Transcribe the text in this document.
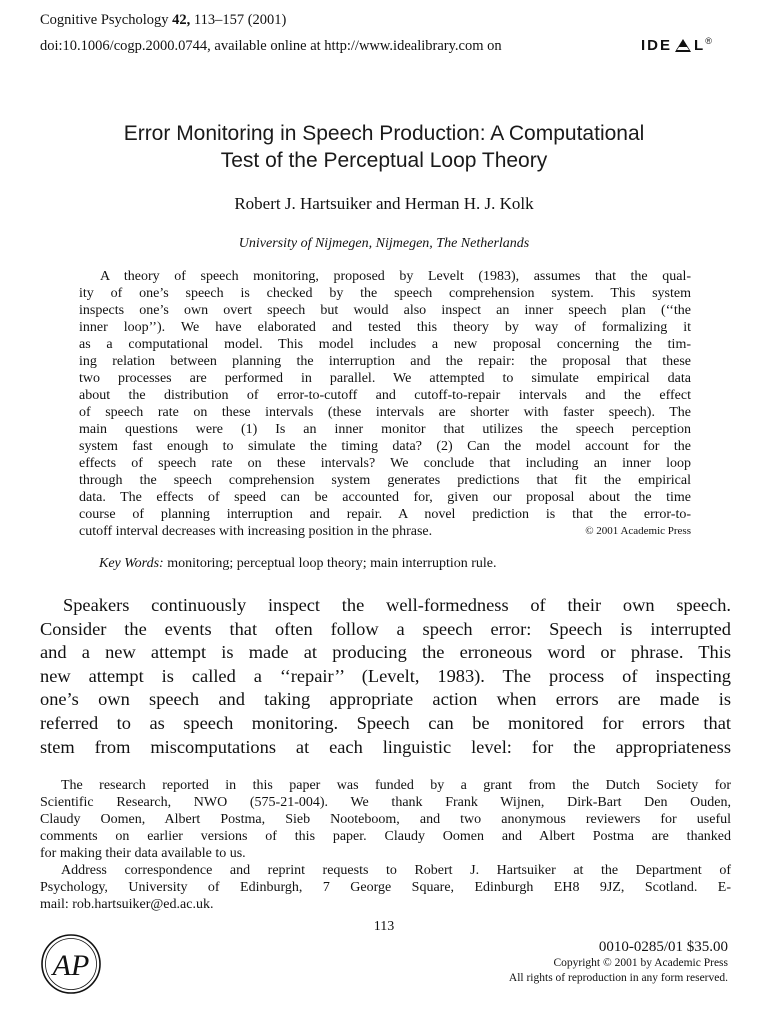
Cognitive Psychology 42, 113–157 (2001)
doi:10.1006/cogp.2000.0744, available online at http://www.idealibrary.com on	IDE L®
Error Monitoring in Speech Production: A Computational
Test of the Perceptual Loop Theory
Robert J. Hartsuiker and Herman H. J. Kolk
University of Nijmegen, Nijmegen, The Netherlands
A theory of speech monitoring, proposed by Levelt (1983), assumes that the qual-
ity of one’s speech is checked by the speech comprehension system. This system
inspects one’s own overt speech but would also inspect an inner speech plan (‘‘the
inner loop’’). We have elaborated and tested this theory by way of formalizing it
as a computational model. This model includes a new proposal concerning the tim-
ing relation between planning the interruption and the repair: the proposal that these
two processes are performed in parallel. We attempted to simulate empirical data
about the distribution of error-to-cutoff and cutoff-to-repair intervals and the effect
of speech rate on these intervals (these intervals are shorter with faster speech). The
main questions were (1) Is an inner monitor that utilizes the speech perception
system fast enough to simulate the timing data? (2) Can the model account for the
effects of speech rate on these intervals? We conclude that including an inner loop
through the speech comprehension system generates predictions that fit the empirical
data. The effects of speed can be accounted for, given our proposal about the time
course of planning interruption and repair. A novel prediction is that the error-to-
cutoff interval decreases with increasing position in the phrase.	© 2001 Academic Press
Key Words: monitoring; perceptual loop theory; main interruption rule.
Speakers continuously inspect the well-formedness of their own speech.
Consider the events that often follow a speech error: Speech is interrupted
and a new attempt is made at producing the erroneous word or phrase. This
new attempt is called a ‘‘repair’’ (Levelt, 1983). The process of inspecting
one’s own speech and taking appropriate action when errors are made is
referred to as speech monitoring. Speech can be monitored for errors that
stem from miscomputations at each linguistic level: for the appropriateness
The research reported in this paper was funded by a grant from the Dutch Society for
Scientific Research, NWO (575-21-004). We thank Frank Wijnen, Dirk-Bart Den Ouden,
Claudy Oomen, Albert Postma, Sieb Nooteboom, and two anonymous reviewers for useful
comments on earlier versions of this paper. Claudy Oomen and Albert Postma are thanked
for making their data available to us.
Address correspondence and reprint requests to Robert J. Hartsuiker at the Department of
Psychology, University of Edinburgh, 7 George Square, Edinburgh EH8 9JZ, Scotland. E-
mail: rob.hartsuiker@ed.ac.uk.
113
AP
0010-0285/01 $35.00
Copyright © 2001 by Academic Press
All rights of reproduction in any form reserved.
